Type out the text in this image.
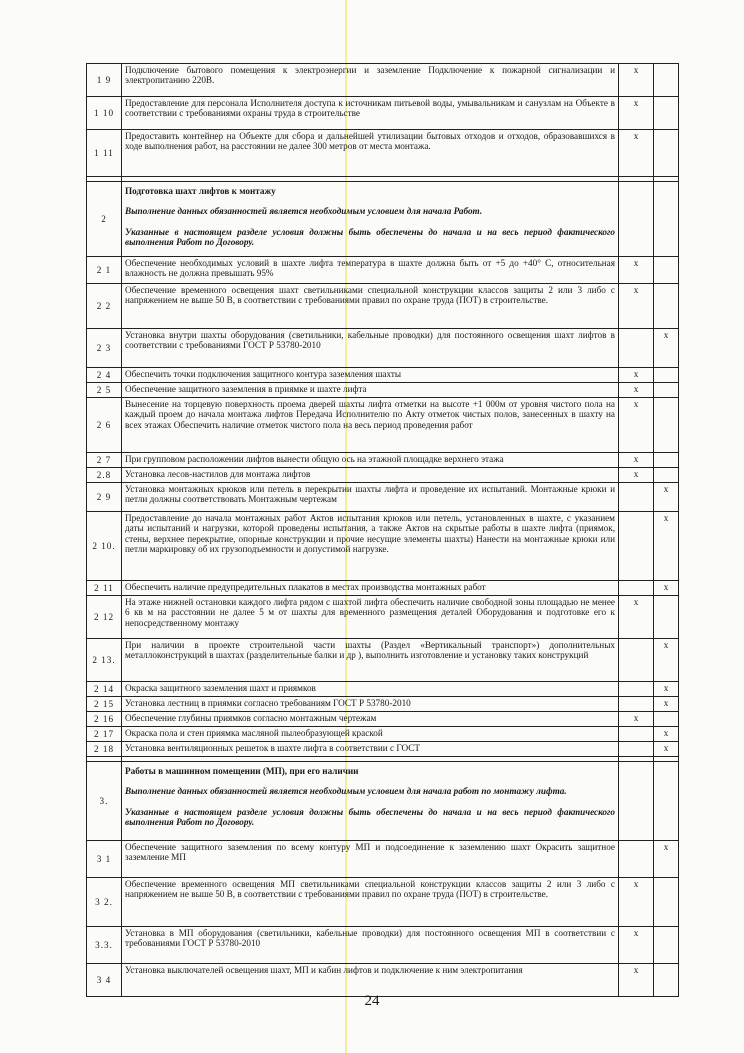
1 9	Подключение бытового помещения к электроэнергии и заземление Подключение к пожарной сигнализации и электропитанию 220В.	x	
1 10	Предоставление для персонала Исполнителя доступа к источникам питьевой воды, умывальникам и санузлам на Объекте в соответствии с требованиями охраны труда в строительстве	x	
1 11	Предоставить контейнер на Объекте для сбора и дальнейшей утилизации бытовых отходов и отходов, образовавшихся в ходе выполнения работ, на расстоянии не далее 300 метров от места монтажа.	x	

2	Подготовка шахт лифтов к монтажу
Выполнение данных обязанностей является необходимым условием для начала Работ.
Указанные в настоящем разделе условия должны быть обеспечены до начала и на весь период фактического выполнения Работ по Договору.		

2 1	Обеспечение необходимых условий в шахте лифта температура в шахте должна быть от +5 до +40° С, относительная влажность не должна превышать 95%	x	
2 2	Обеспечение временного освещения шахт светильниками специальной конструкции классов защиты 2 или 3 либо с напряжением не выше 50 В, в соответствии с требованиями правил по охране труда (ПОТ) в строительстве.	x	
2 3	Установка внутри шахты оборудования (светильники, кабельные проводки) для постоянного освещения шахт лифтов в соответствии с требованиями ГОСТ Р 53780-2010		x
2 4	Обеспечить точки подключения защитного контура заземления шахты	x	
2 5	Обеспечение защитного заземления в приямке и шахте лифта	x	
2 6	Вынесение на торцевую поверхность проема дверей шахты лифта отметки на высоте +1 000м от уровня чистого пола на каждый проем до начала монтажа лифтов Передача Исполнителю по Акту отметок чистых полов, занесенных в шахту на всех этажах Обеспечить наличие отметок чистого пола на весь период проведения работ	x	
2 7	При групповом расположении лифтов вынести общую ось на этажной площадке верхнего этажа	x	
2.8	Установка лесов-настилов для монтажа лифтов	x	
2 9	Установка монтажных крюков или петель в перекрытии шахты лифта и проведение их испытаний. Монтажные крюки и петли должны соответствовать Монтажным чертежам		x
2 10.	Предоставление до начала монтажных работ Актов испытания крюков или петель, установленных в шахте, с указанием даты испытаний и нагрузки, которой проведены испытания, а также Актов на скрытые работы в шахте лифта (приямок, стены, верхнее перекрытие, опорные конструкции и прочие несущие элементы шахты) Нанести на монтажные крюки или петли маркировку об их грузоподъемности и допустимой нагрузке.		x
2 11	Обеспечить наличие предупредительных плакатов в местах производства монтажных работ		x
2 12	На этаже нижней остановки каждого лифта рядом с шахтой лифта обеспечить наличие свободной зоны площадью не менее 6 кв м на расстоянии не далее 5 м от шахты для временного размещения деталей Оборудования и подготовке его к непосредственному монтажу	x	
2 13.	При наличии в проекте строительной части шахты (Раздел «Вертикальный транспорт») дополнительных металлоконструкций в шахтах (разделительные балки и др ), выполнить изготовление и установку таких конструкций		x
2 14	Окраска защитного заземления шахт и приямков		x
2 15	Установка лестниц в приямки согласно требованиям ГОСТ Р 53780-2010		x
2 16	Обеспечение глубины приямков согласно монтажным чертежам	x	
2 17	Окраска пола и стен приямка масляной пылеобразующей краской		x
2 18	Установка вентиляционных решеток в шахте лифта в соответствии с ГОСТ		x

3.	Работы в машинном помещении (МП), при его наличии
Выполнение данных обязанностей является необходимым условием для начала работ по монтажу лифта.
Указанные в настоящем разделе условия должны быть обеспечены до начала и на весь период фактического выполнения Работ по Договору.		

3 1	Обеспечение защитного заземления по всему контуру МП и подсоединение к заземлению шахт Окрасить защитное заземление МП		x
3 2.	Обеспечение временного освещения МП светильниками специальной конструкции классов защиты 2 или 3 либо с напряжением не выше 50 В, в соответствии с требованиями правил по охране труда (ПОТ) в строительстве.	x	
3.3.	Установка в МП оборудования (светильники, кабельные проводки) для постоянного освещения МП в соответствии с требованиями ГОСТ Р 53780-2010	x	
3 4	Установка выключателей освещения шахт, МП и кабин лифтов и подключение к ним электропитания	x	
24
